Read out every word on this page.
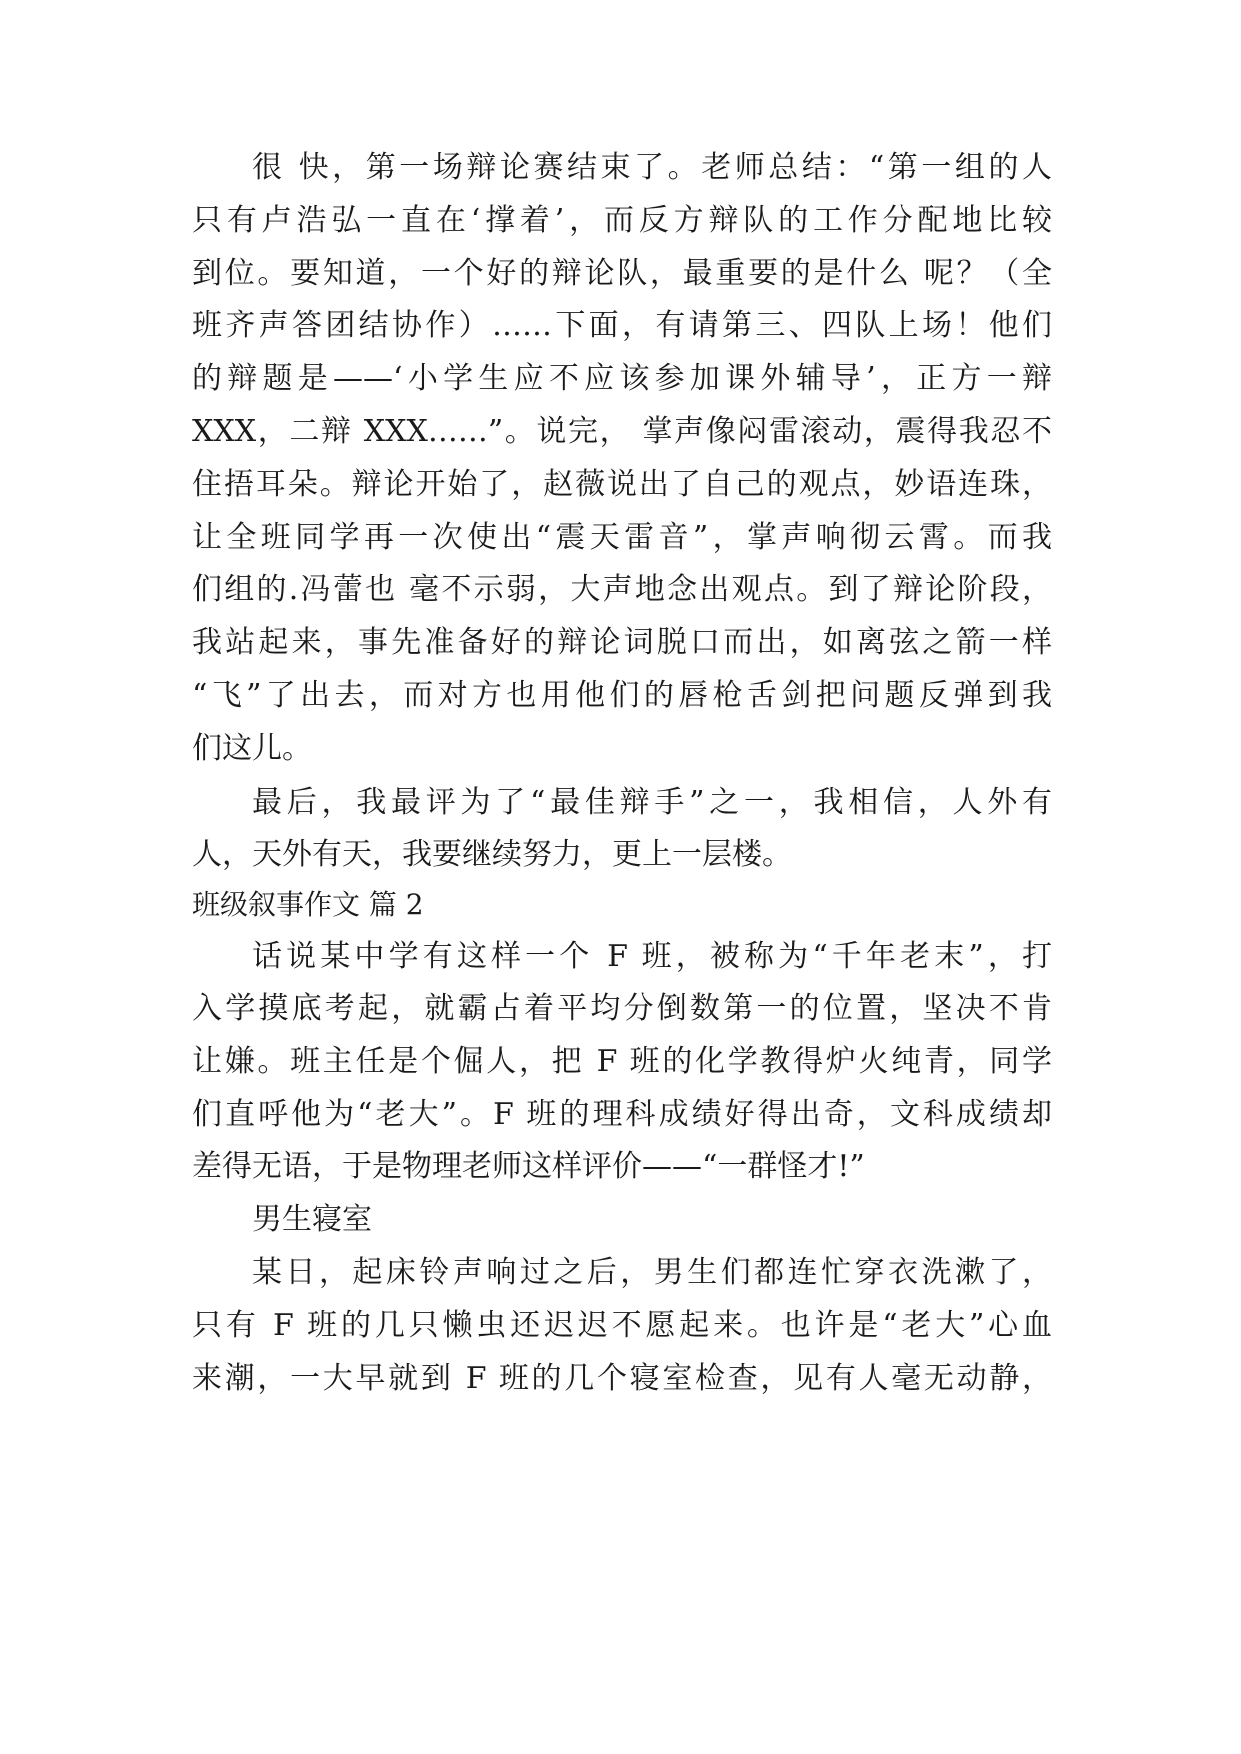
很 快，第一场辩论赛结束了。老师总结：“第一组的人
只有卢浩弘一直在‘撑着’，而反方辩队的工作分配地比较
到位。要知道，一个好的辩论队，最重要的是什么 呢？（全
班齐声答团结协作）……下面，有请第三、四队上场！他们
的辩题是——‘小学生应不应该参加课外辅导’，正方一辩
XXX，二辩 XXX……”。说完， 掌声像闷雷滚动，震得我忍不
住捂耳朵。辩论开始了，赵薇说出了自己的观点，妙语连珠，
让全班同学再一次使出“震天雷音”，掌声响彻云霄。而我
们组的.冯蕾也 毫不示弱，大声地念出观点。到了辩论阶段，
我站起来，事先准备好的辩论词脱口而出，如离弦之箭一样
“飞”了出去，而对方也用他们的唇枪舌剑把问题反弹到我
们这儿。
最后，我最评为了“最佳辩手”之一，我相信，人外有
人，天外有天，我要继续努力，更上一层楼。
班级叙事作文 篇 2
话说某中学有这样一个 F 班，被称为“千年老末”，打
入学摸底考起，就霸占着平均分倒数第一的位置，坚决不肯
让嫌。班主任是个倔人，把 F 班的化学教得炉火纯青，同学
们直呼他为“老大”。F 班的理科成绩好得出奇，文科成绩却
差得无语，于是物理老师这样评价——“一群怪才!”
男生寝室
某日，起床铃声响过之后，男生们都连忙穿衣洗漱了，
只有 F 班的几只懒虫还迟迟不愿起来。也许是“老大”心血
来潮，一大早就到 F 班的几个寝室检查，见有人毫无动静，
